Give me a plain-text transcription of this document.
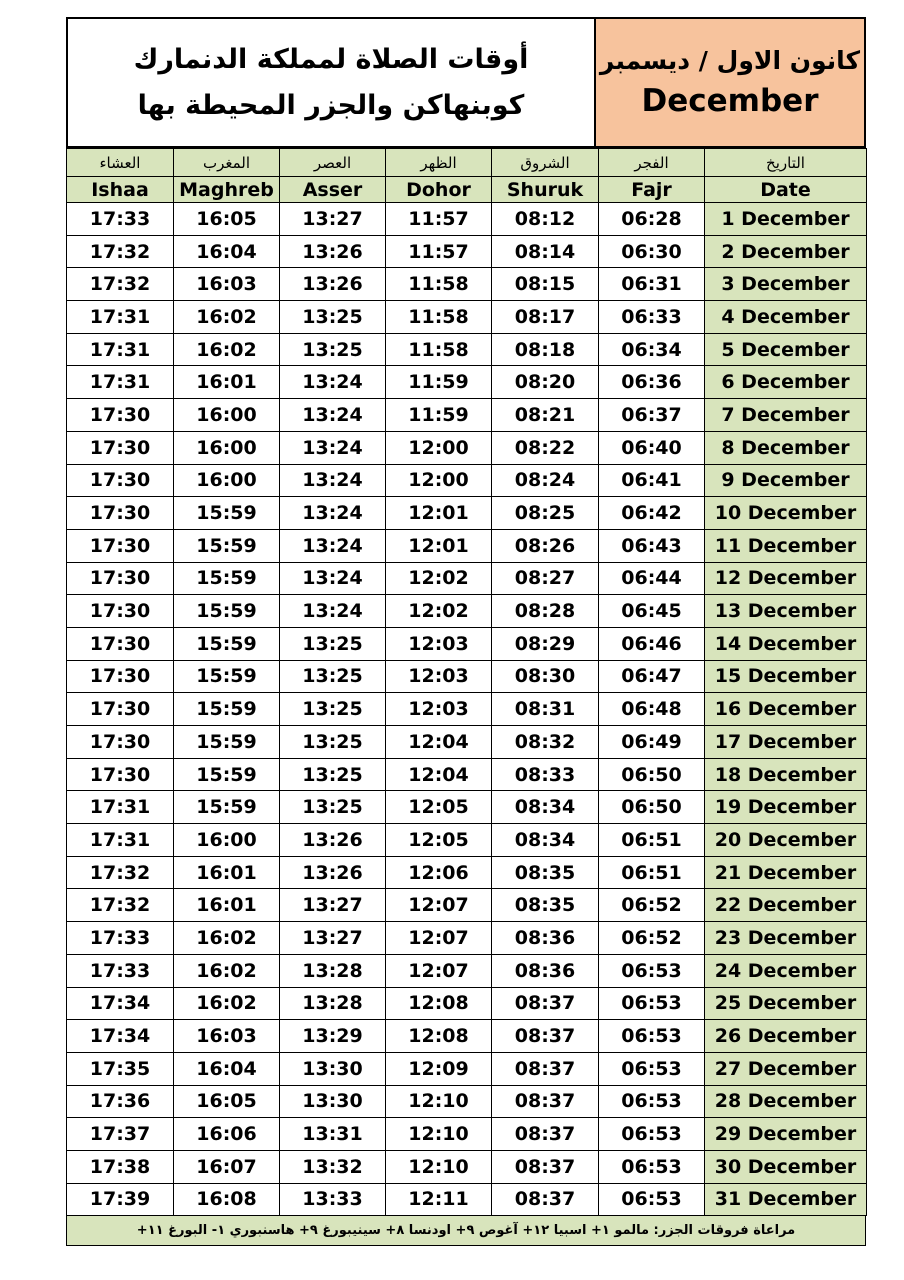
أوقات الصلاة لمملكة الدنمارك
كوبنهاكن والجزر المحيطة بها
كانون الاول / ديسمبر
December
العشاء	المغرب	العصر	الظهر	الشروق	الفجر	التاريخ
Ishaa	Maghreb	Asser	Dohor	Shuruk	Fajr	Date
17:33	16:05	13:27	11:57	08:12	06:28	1 December
17:32	16:04	13:26	11:57	08:14	06:30	2 December
17:32	16:03	13:26	11:58	08:15	06:31	3 December
17:31	16:02	13:25	11:58	08:17	06:33	4 December
17:31	16:02	13:25	11:58	08:18	06:34	5 December
17:31	16:01	13:24	11:59	08:20	06:36	6 December
17:30	16:00	13:24	11:59	08:21	06:37	7 December
17:30	16:00	13:24	12:00	08:22	06:40	8 December
17:30	16:00	13:24	12:00	08:24	06:41	9 December
17:30	15:59	13:24	12:01	08:25	06:42	10 December
17:30	15:59	13:24	12:01	08:26	06:43	11 December
17:30	15:59	13:24	12:02	08:27	06:44	12 December
17:30	15:59	13:24	12:02	08:28	06:45	13 December
17:30	15:59	13:25	12:03	08:29	06:46	14 December
17:30	15:59	13:25	12:03	08:30	06:47	15 December
17:30	15:59	13:25	12:03	08:31	06:48	16 December
17:30	15:59	13:25	12:04	08:32	06:49	17 December
17:30	15:59	13:25	12:04	08:33	06:50	18 December
17:31	15:59	13:25	12:05	08:34	06:50	19 December
17:31	16:00	13:26	12:05	08:34	06:51	20 December
17:32	16:01	13:26	12:06	08:35	06:51	21 December
17:32	16:01	13:27	12:07	08:35	06:52	22 December
17:33	16:02	13:27	12:07	08:36	06:52	23 December
17:33	16:02	13:28	12:07	08:36	06:53	24 December
17:34	16:02	13:28	12:08	08:37	06:53	25 December
17:34	16:03	13:29	12:08	08:37	06:53	26 December
17:35	16:04	13:30	12:09	08:37	06:53	27 December
17:36	16:05	13:30	12:10	08:37	06:53	28 December
17:37	16:06	13:31	12:10	08:37	06:53	29 December
17:38	16:07	13:32	12:10	08:37	06:53	30 December
17:39	16:08	13:33	12:11	08:37	06:53	31 December
مراعاة فروقات الجزر: مالمو ١+ اسبيا ١٢+ آغوص ٩+ اودنسا ٨+ سينيبورغ ٩+ هاسنبوري ١- البورغ ١١+
